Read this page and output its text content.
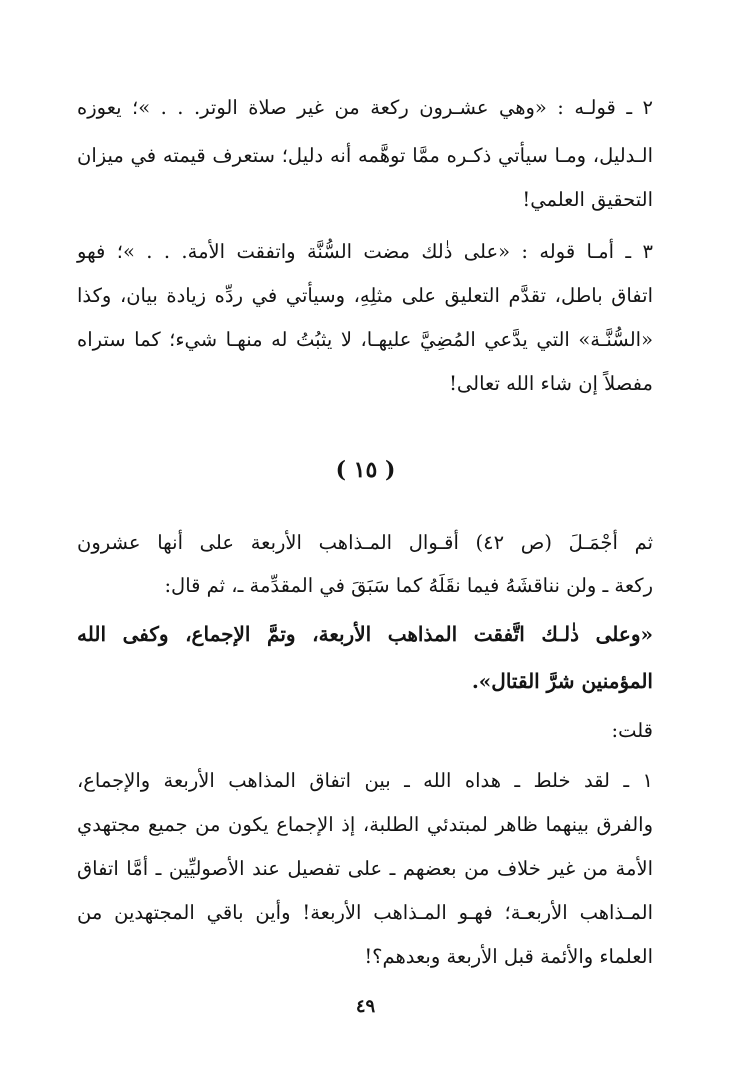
٢ ـ قولـه : «وهي عشـرون ركعة من غير صلاة الوتر. . . »؛ يعوزه
الـدليل، ومـا سيأتي ذكـره ممَّا توهَّمه أنه دليل؛ ستعرف قيمته في ميزان
التحقيق العلمي!
٣ ـ أمـا قوله : «على ذٰلك مضت السُّنَّة واتفقت الأمة. . . »؛ فهو
اتفاق باطل، تقدَّم التعليق على مثلِهِ، وسيأتي في ردِّه زيادة بيان، وكذا
«السُّنَّـة» التي يدَّعي المُضِيَّ عليهـا، لا يثبُتُ له منهـا شيء؛ كما ستراه
مفصلاً إن شاء الله تعالى!
( ١٥ )
ثم أجْمَـلَ (ص ٤٢) أقـوال المـذاهب الأربعة على أنها عشرون
ركعة ـ ولن نناقشَهُ فيما نقَلَهُ كما سَبَقَ في المقدِّمة ـ، ثم قال:
«وعلى ذٰلـك اتَّفقت المذاهب الأربعة، وتمَّ الإجماع، وكفى الله
المؤمنين شرَّ القتال».
قلت:
١ ـ لقد خلط ـ هداه الله ـ بين اتفاق المذاهب الأربعة والإجماع،
والفرق بينهما ظاهر لمبتدئي الطلبة، إذ الإجماع يكون من جميع مجتهدي
الأمة من غير خلاف من بعضهم ـ على تفصيل عند الأصوليِّين ـ أمَّا اتفاق
المـذاهب الأربعـة؛ فهـو المـذاهب الأربعة! وأين باقي المجتهدين من
العلماء والأئمة قبل الأربعة وبعدهم؟!
٤٩
